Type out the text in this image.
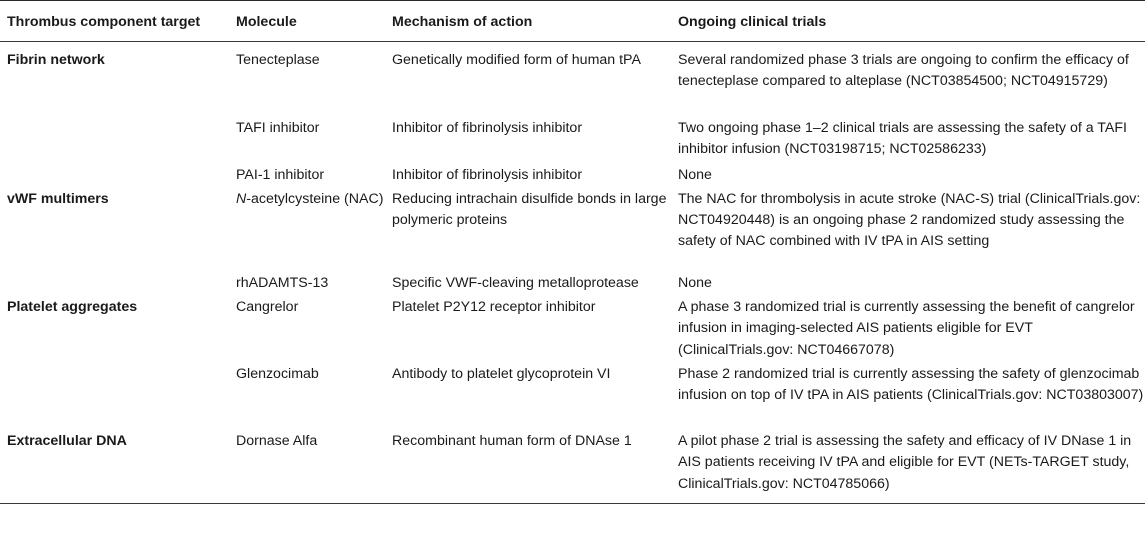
Thrombus component target	Molecule	Mechanism of action	Ongoing clinical trials
Fibrin network	Tenecteplase	Genetically modified form of human tPA	Several randomized phase 3 trials are ongoing to confirm the efficacy of tenecteplase compared to alteplase (NCT03854500; NCT04915729)
	TAFI inhibitor	Inhibitor of fibrinolysis inhibitor	Two ongoing phase 1–2 clinical trials are assessing the safety of a TAFI inhibitor infusion (NCT03198715; NCT02586233)
	PAI-1 inhibitor	Inhibitor of fibrinolysis inhibitor	None
vWF multimers	N-acetylcysteine (NAC)	Reducing intrachain disulfide bonds in large polymeric proteins	The NAC for thrombolysis in acute stroke (NAC-S) trial (ClinicalTrials.gov: NCT04920448) is an ongoing phase 2 randomized study assessing the safety of NAC combined with IV tPA in AIS setting
	rhADAMTS-13	Specific VWF-cleaving metalloprotease	None
Platelet aggregates	Cangrelor	Platelet P2Y12 receptor inhibitor	A phase 3 randomized trial is currently assessing the benefit of cangrelor infusion in imaging-selected AIS patients eligible for EVT (ClinicalTrials.gov: NCT04667078)
	Glenzocimab	Antibody to platelet glycoprotein VI	Phase 2 randomized trial is currently assessing the safety of glenzocimab infusion on top of IV tPA in AIS patients (ClinicalTrials.gov: NCT03803007)
Extracellular DNA	Dornase Alfa	Recombinant human form of DNAse 1	A pilot phase 2 trial is assessing the safety and efficacy of IV DNase 1 in AIS patients receiving IV tPA and eligible for EVT (NETs-TARGET study, ClinicalTrials.gov: NCT04785066)
